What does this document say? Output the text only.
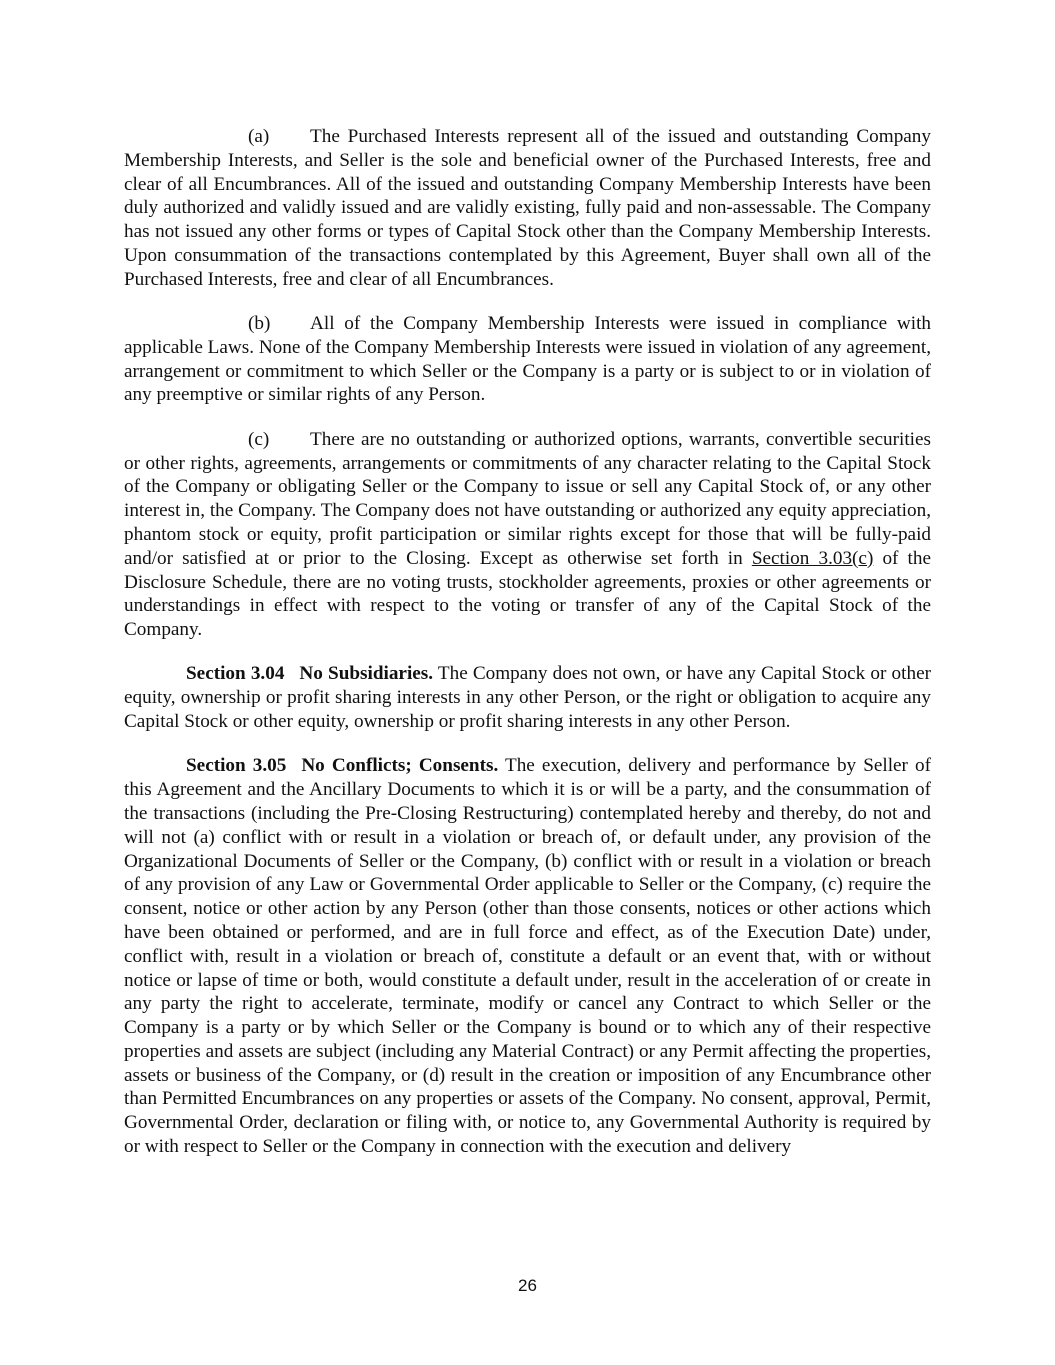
(a) The Purchased Interests represent all of the issued and outstanding Company Membership Interests, and Seller is the sole and beneficial owner of the Purchased Interests, free and clear of all Encumbrances. All of the issued and outstanding Company Membership Interests have been duly authorized and validly issued and are validly existing, fully paid and non-assessable. The Company has not issued any other forms or types of Capital Stock other than the Company Membership Interests. Upon consummation of the transactions contemplated by this Agreement, Buyer shall own all of the Purchased Interests, free and clear of all Encumbrances.

(b) All of the Company Membership Interests were issued in compliance with applicable Laws. None of the Company Membership Interests were issued in violation of any agreement, arrangement or commitment to which Seller or the Company is a party or is subject to or in violation of any preemptive or similar rights of any Person.

(c) There are no outstanding or authorized options, warrants, convertible securities or other rights, agreements, arrangements or commitments of any character relating to the Capital Stock of the Company or obligating Seller or the Company to issue or sell any Capital Stock of, or any other interest in, the Company. The Company does not have outstanding or authorized any equity appreciation, phantom stock or equity, profit participation or similar rights except for those that will be fully-paid and/or satisfied at or prior to the Closing. Except as otherwise set forth in Section 3.03(c) of the Disclosure Schedule, there are no voting trusts, stockholder agreements, proxies or other agreements or understandings in effect with respect to the voting or transfer of any of the Capital Stock of the Company.

Section 3.04 No Subsidiaries. The Company does not own, or have any Capital Stock or other equity, ownership or profit sharing interests in any other Person, or the right or obligation to acquire any Capital Stock or other equity, ownership or profit sharing interests in any other Person.

Section 3.05 No Conflicts; Consents. The execution, delivery and performance by Seller of this Agreement and the Ancillary Documents to which it is or will be a party, and the consummation of the transactions (including the Pre-Closing Restructuring) contemplated hereby and thereby, do not and will not (a) conflict with or result in a violation or breach of, or default under, any provision of the Organizational Documents of Seller or the Company, (b) conflict with or result in a violation or breach of any provision of any Law or Governmental Order applicable to Seller or the Company, (c) require the consent, notice or other action by any Person (other than those consents, notices or other actions which have been obtained or performed, and are in full force and effect, as of the Execution Date) under, conflict with, result in a violation or breach of, constitute a default or an event that, with or without notice or lapse of time or both, would constitute a default under, result in the acceleration of or create in any party the right to accelerate, terminate, modify or cancel any Contract to which Seller or the Company is a party or by which Seller or the Company is bound or to which any of their respective properties and assets are subject (including any Material Contract) or any Permit affecting the properties, assets or business of the Company, or (d) result in the creation or imposition of any Encumbrance other than Permitted Encumbrances on any properties or assets of the Company. No consent, approval, Permit, Governmental Order, declaration or filing with, or notice to, any Governmental Authority is required by or with respect to Seller or the Company in connection with the execution and delivery

26
